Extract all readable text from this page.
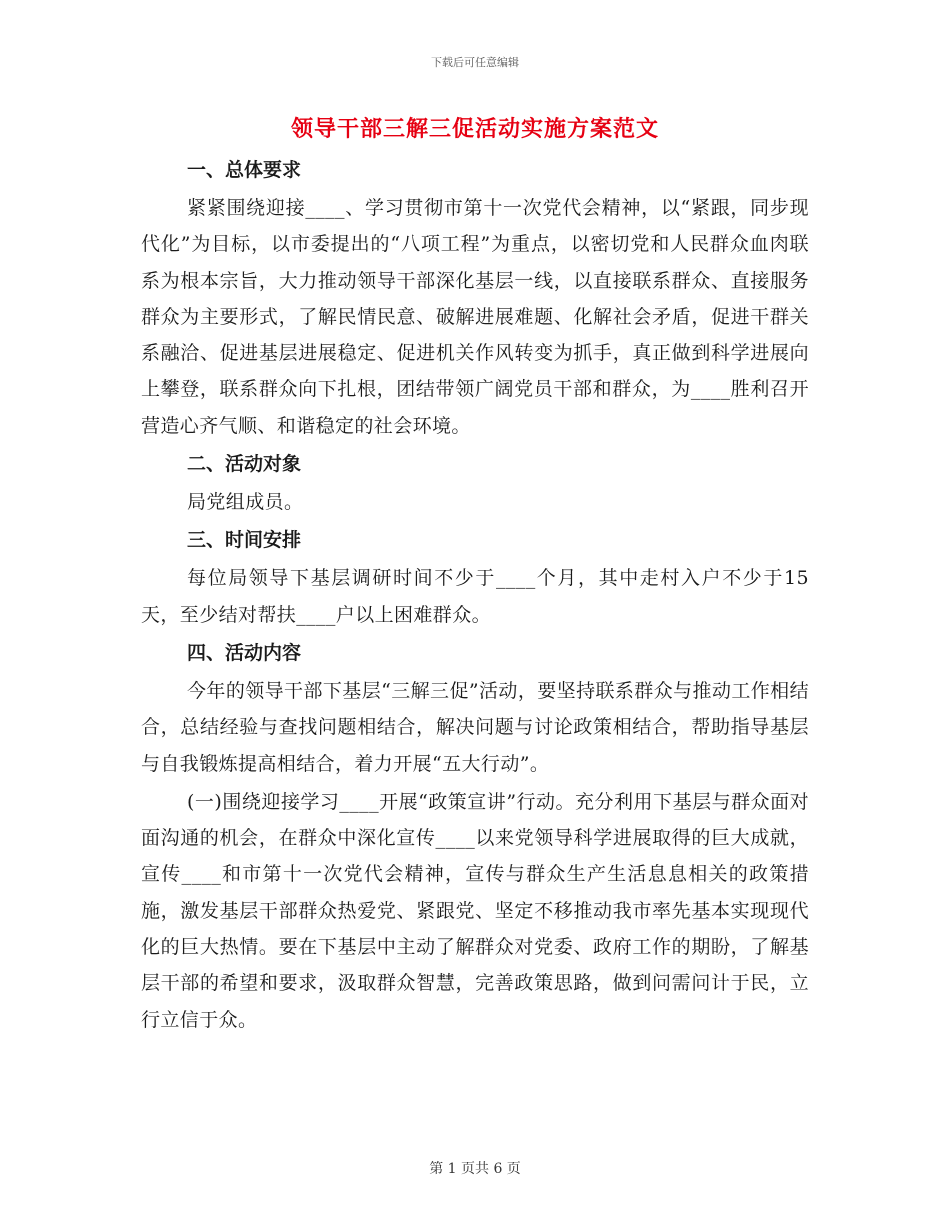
下载后可任意编辑
领导干部三解三促活动实施方案范文
一、总体要求

紧紧围绕迎接____、学习贯彻市第十一次党代会精神，以“紧跟，同步现代化”为目标，以市委提出的“八项工程”为重点，以密切党和人民群众血肉联系为根本宗旨，大力推动领导干部深化基层一线，以直接联系群众、直接服务群众为主要形式，了解民情民意、破解进展难题、化解社会矛盾，促进干群关系融洽、促进基层进展稳定、促进机关作风转变为抓手，真正做到科学进展向上攀登，联系群众向下扎根，团结带领广阔党员干部和群众，为____胜利召开营造心齐气顺、和谐稳定的社会环境。

二、活动对象

局党组成员。

三、时间安排

每位局领导下基层调研时间不少于____个月，其中走村入户不少于15天，至少结对帮扶____户以上困难群众。

四、活动内容

今年的领导干部下基层“三解三促”活动，要坚持联系群众与推动工作相结合，总结经验与查找问题相结合，解决问题与讨论政策相结合，帮助指导基层与自我锻炼提高相结合，着力开展“五大行动”。

(一)围绕迎接学习____开展“政策宣讲”行动。充分利用下基层与群众面对面沟通的机会，在群众中深化宣传____以来党领导科学进展取得的巨大成就，宣传____和市第十一次党代会精神，宣传与群众生产生活息息相关的政策措施，激发基层干部群众热爱党、紧跟党、坚定不移推动我市率先基本实现现代化的巨大热情。要在下基层中主动了解群众对党委、政府工作的期盼，了解基层干部的希望和要求，汲取群众智慧，完善政策思路，做到问需问计于民，立行立信于众。

第 1 页共 6 页
